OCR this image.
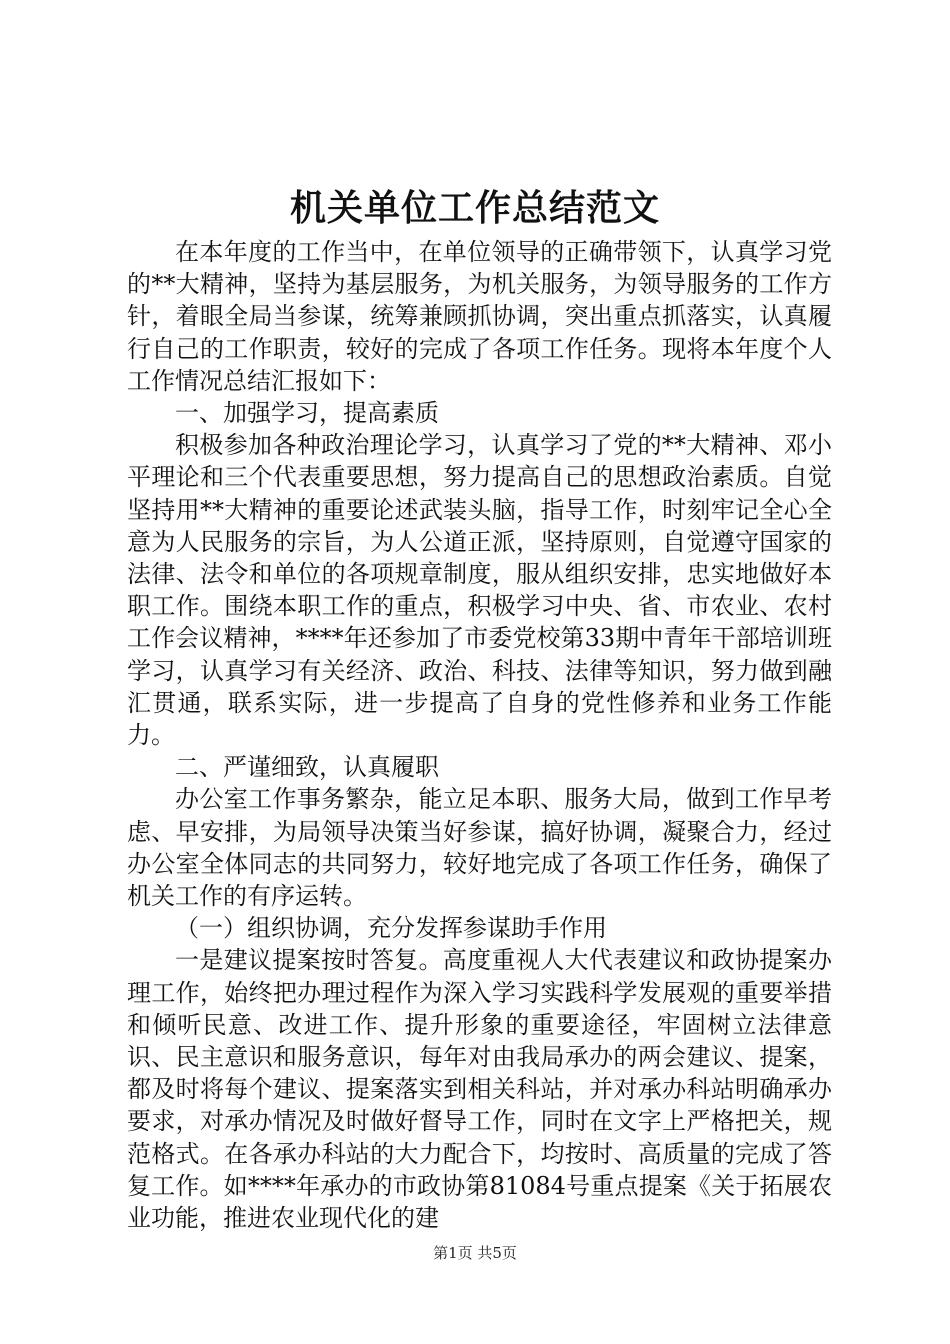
机关单位工作总结范文

在本年度的工作当中，在单位领导的正确带领下，认真学习党的**大精神，坚持为基层服务，为机关服务，为领导服务的工作方针，着眼全局当参谋，统筹兼顾抓协调，突出重点抓落实，认真履行自己的工作职责，较好的完成了各项工作任务。现将本年度个人工作情况总结汇报如下：

一、加强学习，提高素质

积极参加各种政治理论学习，认真学习了党的**大精神、邓小平理论和三个代表重要思想，努力提高自己的思想政治素质。自觉坚持用**大精神的重要论述武装头脑，指导工作，时刻牢记全心全意为人民服务的宗旨，为人公道正派，坚持原则，自觉遵守国家的法律、法令和单位的各项规章制度，服从组织安排，忠实地做好本职工作。围绕本职工作的重点，积极学习中央、省、市农业、农村工作会议精神，****年还参加了市委党校第33期中青年干部培训班学习，认真学习有关经济、政治、科技、法律等知识，努力做到融汇贯通，联系实际，进一步提高了自身的党性修养和业务工作能力。

二、严谨细致，认真履职

办公室工作事务繁杂，能立足本职、服务大局，做到工作早考虑、早安排，为局领导决策当好参谋，搞好协调，凝聚合力，经过办公室全体同志的共同努力，较好地完成了各项工作任务，确保了机关工作的有序运转。

（一）组织协调，充分发挥参谋助手作用

一是建议提案按时答复。高度重视人大代表建议和政协提案办理工作，始终把办理过程作为深入学习实践科学发展观的重要举措和倾听民意、改进工作、提升形象的重要途径，牢固树立法律意识、民主意识和服务意识，每年对由我局承办的两会建议、提案，都及时将每个建议、提案落实到相关科站，并对承办科站明确承办要求，对承办情况及时做好督导工作，同时在文字上严格把关，规范格式。在各承办科站的大力配合下，均按时、高质量的完成了答复工作。如****年承办的市政协第81084号重点提案《关于拓展农业功能，推进农业现代化的建

第1页 共5页
